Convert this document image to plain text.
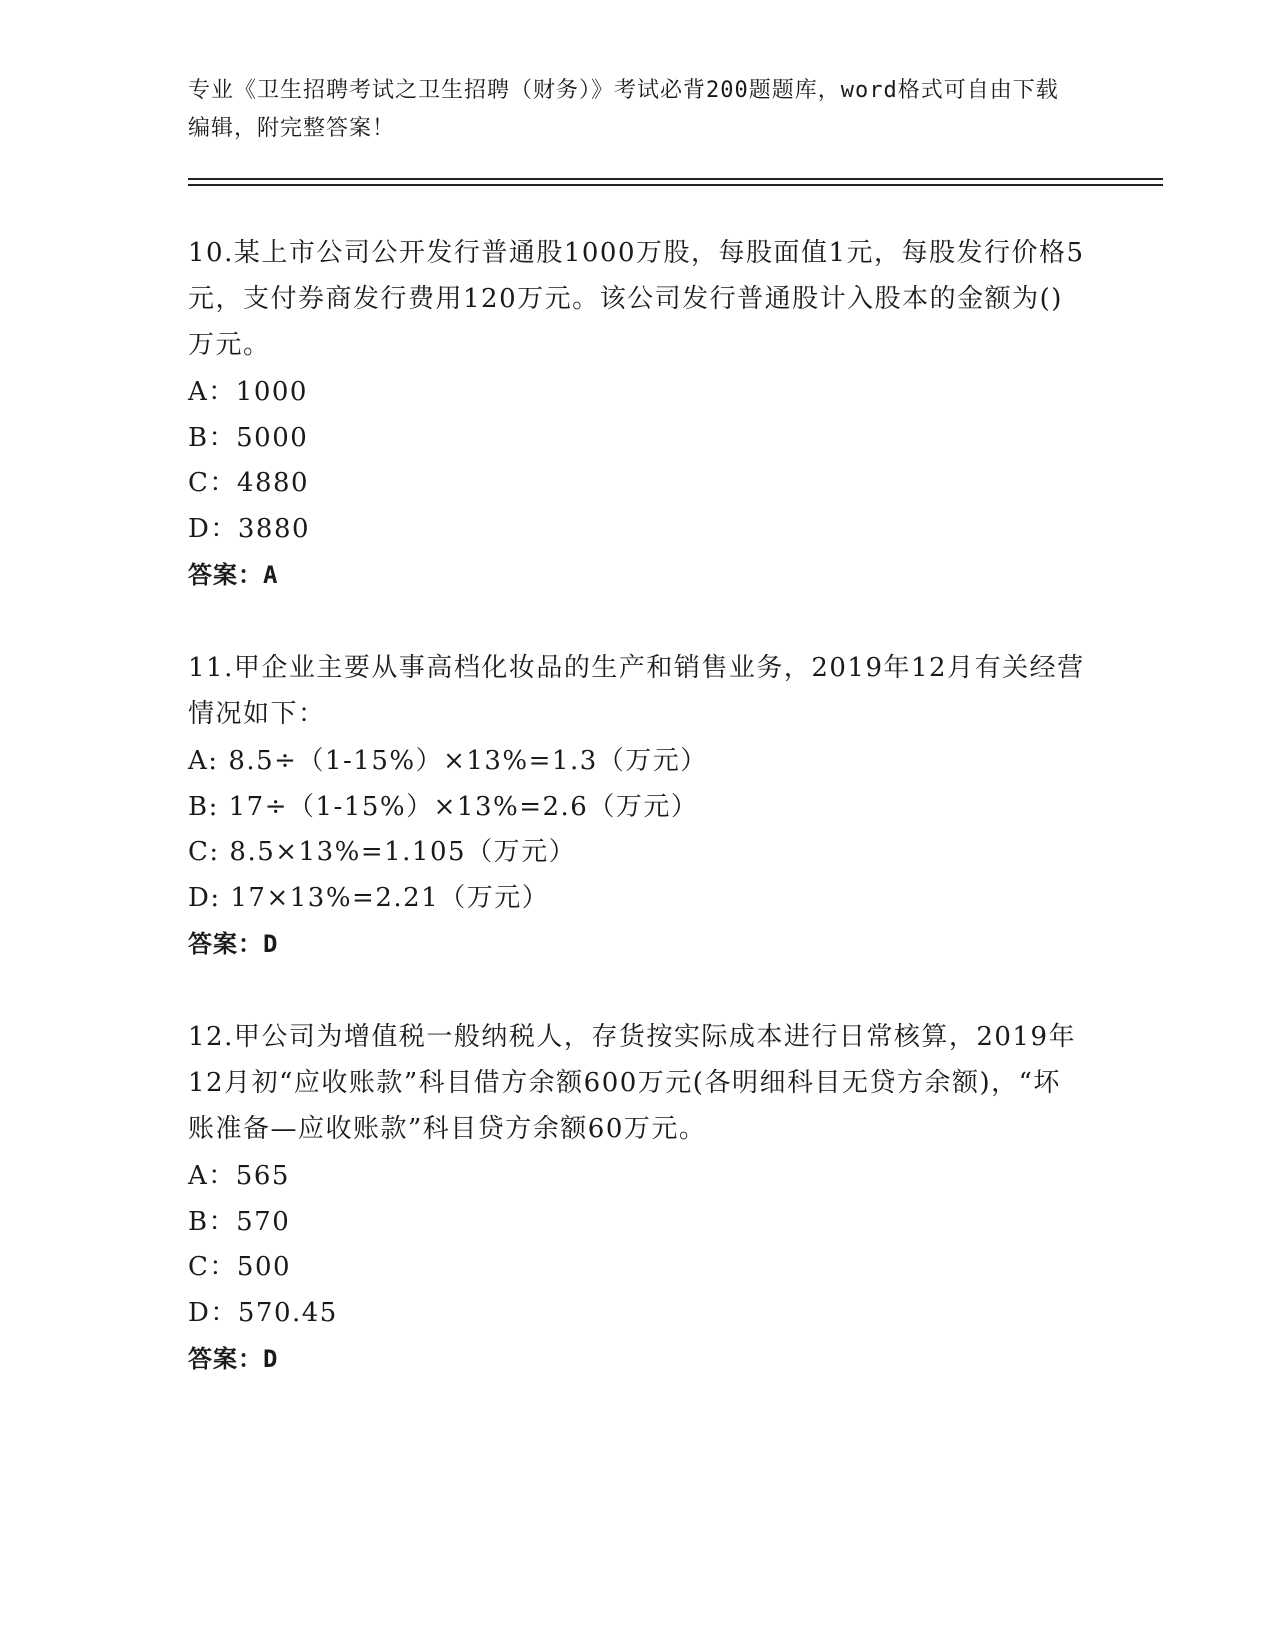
专业《卫生招聘考试之卫生招聘（财务）》考试必背200题题库，word格式可自由下载编辑，附完整答案！
10.某上市公司公开发行普通股1000万股，每股面值1元，每股发行价格5元，支付券商发行费用120万元。该公司发行普通股计入股本的金额为()万元。
A： 1000
B： 5000
C： 4880
D： 3880
答案：A
11.甲企业主要从事高档化妆品的生产和销售业务，2019年12月有关经营情况如下：
A: 8.5÷（1-15%）×13%=1.3（万元）
B: 17÷（1-15%）×13%=2.6（万元）
C: 8.5×13%=1.105（万元）
D: 17×13%=2.21（万元）
答案：D
12.甲公司为增值税一般纳税人，存货按实际成本进行日常核算，2019年12月初“应收账款”科目借方余额600万元(各明细科目无贷方余额)，“坏账准备—应收账款”科目贷方余额60万元。
A： 565
B： 570
C： 500
D： 570.45
答案：D
